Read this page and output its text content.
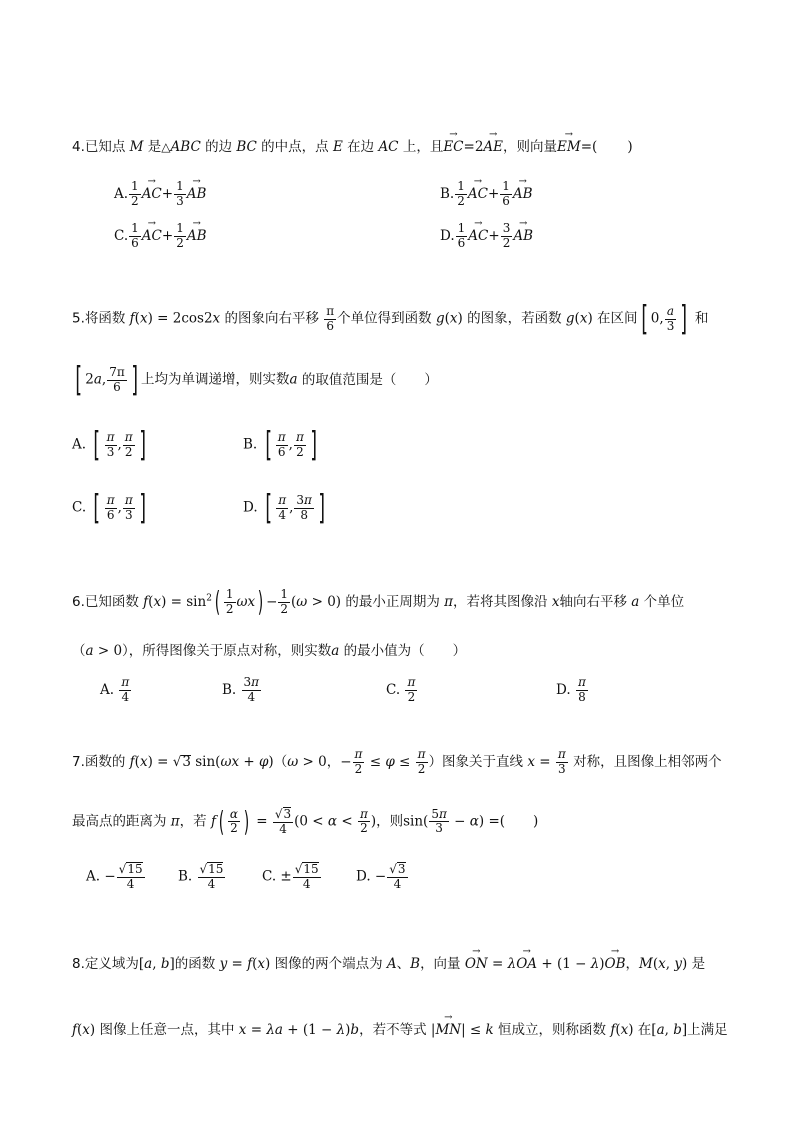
4.已知点 M 是△ABC 的边 BC 的中点，点 E 在边 AC 上，且→ EC=2→ AE，则向量→ EM=( )
A. $\frac{1}{2}$
→ $AC+ \frac{1}{3}$
→ AB	B. $\frac{1}{2}$
→ $AC+ \frac{1}{6}$
→ AB
C. $\frac{1}{6}$
→ $AC+ \frac{1}{2}$
→ AB	D. $\frac{1}{6}$
→ $AC+ \frac{3}{2}$
→ AB
5.将函数 f(x) = 2cos2x 的图象向右平移 $\frac{\pi}{6}$ 个单位得到函数 g(x) 的图象，若函数 g(x) 在区间[ 0, $\frac{a}{3}$ ] 和
[ 2a, $\frac{7\pi}{6}$ ] 上均为单调递增，则实数a 的取值范围是（ ）
A. [ $\frac{\pi}{3}$ , $\frac{\pi}{2}$ ]	B. [ $\frac{\pi}{6}$ , $\frac{\pi}{2}$ ]
C. [ $\frac{\pi}{6}$ , $\frac{\pi}{3}$ ]	D. [ $\frac{\pi}{4}$ , $\frac{3\pi}{8}$ ]
6.已知函数 $f(x) = \sin^2( \frac{1}{2} \omega x) - \frac{1}{2} (\omega > 0)$ 的最小正周期为 π，若将其图像沿 x轴向右平移 a 个单位
（a > 0），所得图像关于原点对称，则实数a 的最小值为（ ）
A. $\frac{\pi}{4}$	B. $\frac{3\pi}{4}$	C. $\frac{\pi}{2}$	D. $\frac{\pi}{8}$
7.函数的 f(x) = √3 sin(ωx + φ)（ω > 0，− $\frac{\pi}{2} \le \varphi \le \frac{\pi}{2}$ ）图象关于直线 $x = \frac{\pi}{3}$ 对称，且图像上相邻两个
最高点的距离为 π，若 $f( \frac{\alpha}{2}$ ) = $\frac{√3}{4} (0 < \alpha < \frac{\pi}{2}$ )，则$\sin( \frac{5\pi}{3} - \alpha)$ =( )
A. − $\frac{√15}{4} B$. $\frac{√15}{4}$	C. ± $\frac{√15}{4}$	D. − $\frac{√3}{4}$
8.定义域为[a, b]的函数 y = f(x) 图像的两个端点为 A、B，向量 → ON = λ→ OA + (1 − λ)→ OB，M(x, y) 是
f(x) 图像上任意一点，其中 x = λa + (1 − λ)b，若不等式 |→ MN| ≤ k 恒成立，则称函数 f(x) 在[a, b]上满足
